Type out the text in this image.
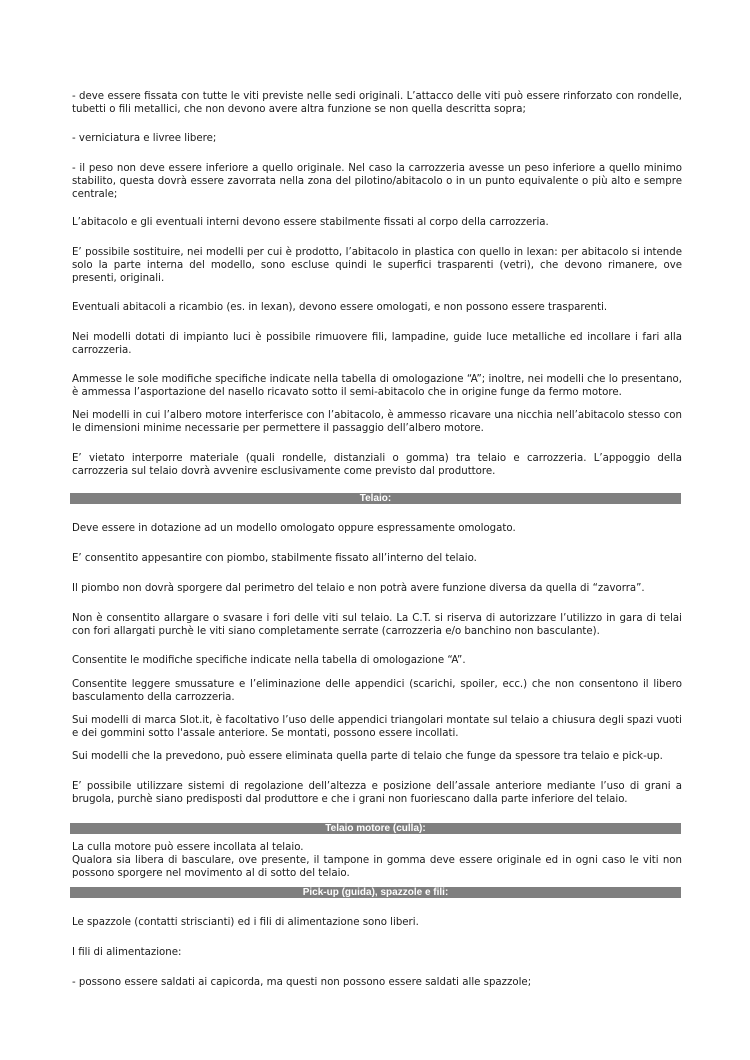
- deve essere fissata con tutte le viti previste nelle sedi originali. L’attacco delle viti può essere rinforzato con rondelle, tubetti o fili metallici, che non devono avere altra funzione se non quella descritta sopra;

- verniciatura e livree libere;

- il peso non deve essere inferiore a quello originale. Nel caso la carrozzeria avesse un peso inferiore a quello minimo stabilito, questa dovrà essere zavorrata nella zona del pilotino/abitacolo o in un punto equivalente o più alto e sempre centrale;

L’abitacolo e gli eventuali interni devono essere stabilmente fissati al corpo della carrozzeria.

E’ possibile sostituire, nei modelli per cui è prodotto, l’abitacolo in plastica con quello in lexan: per abitacolo si intende solo la parte interna del modello, sono escluse quindi le superfici trasparenti (vetri), che devono rimanere, ove presenti, originali.

Eventuali abitacoli a ricambio (es. in lexan), devono essere omologati, e non possono essere trasparenti.

Nei modelli dotati di impianto luci è possibile rimuovere fili, lampadine, guide luce metalliche ed incollare i fari alla carrozzeria.

Ammesse le sole modifiche specifiche indicate nella tabella di omologazione “A”; inoltre, nei modelli che lo presentano, è ammessa l’asportazione del nasello ricavato sotto il semi-abitacolo che in origine funge da fermo motore.

Nei modelli in cui l’albero motore interferisce con l’abitacolo, è ammesso ricavare una nicchia nell’abitacolo stesso con le dimensioni minime necessarie per permettere il passaggio dell’albero motore.

E’ vietato interporre materiale (quali rondelle, distanziali o gomma) tra telaio e carrozzeria. L’appoggio della carrozzeria sul telaio dovrà avvenire esclusivamente come previsto dal produttore.

Telaio:

Deve essere in dotazione ad un modello omologato oppure espressamente omologato.

E’ consentito appesantire con piombo, stabilmente fissato all’interno del telaio.

Il piombo non dovrà sporgere dal perimetro del telaio e non potrà avere funzione diversa da quella di “zavorra”.

Non è consentito allargare o svasare i fori delle viti sul telaio. La C.T. si riserva di autorizzare l’utilizzo in gara di telai con fori allargati purchè le viti siano completamente serrate (carrozzeria e/o banchino non basculante).

Consentite le modifiche specifiche indicate nella tabella di omologazione “A”.

Consentite leggere smussature e l’eliminazione delle appendici (scarichi, spoiler, ecc.) che non consentono il libero basculamento della carrozzeria.

Sui modelli di marca Slot.it, è facoltativo l’uso delle appendici triangolari montate sul telaio a chiusura degli spazi vuoti e dei gommini sotto l'assale anteriore. Se montati, possono essere incollati.

Sui modelli che la prevedono, può essere eliminata quella parte di telaio che funge da spessore tra telaio e pick-up.

E’ possibile utilizzare sistemi di regolazione dell’altezza e posizione dell’assale anteriore mediante l’uso di grani a brugola, purchè siano predisposti dal produttore e che i grani non fuoriescano dalla parte inferiore del telaio.

Telaio motore (culla):

La culla motore può essere incollata al telaio.

Qualora sia libera di basculare, ove presente, il tampone in gomma deve essere originale ed in ogni caso le viti non possono sporgere nel movimento al di sotto del telaio.

Pick-up (guida), spazzole e fili:

Le spazzole (contatti striscianti) ed i fili di alimentazione sono liberi.

I fili di alimentazione:

- possono essere saldati ai capicorda, ma questi non possono essere saldati alle spazzole;
